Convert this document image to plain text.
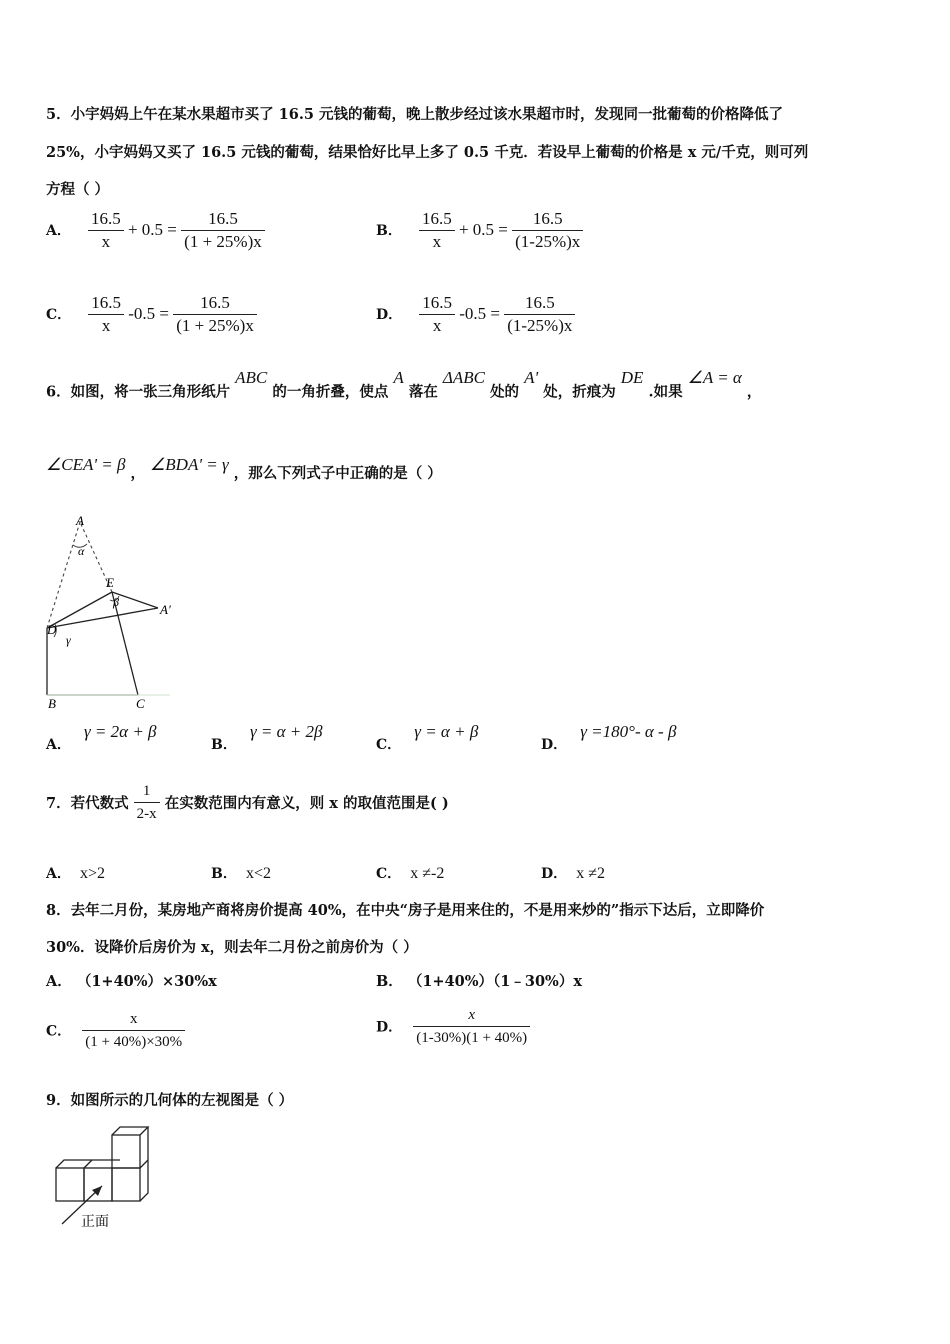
5．小宇妈妈上午在某水果超市买了 16.5 元钱的葡萄，晚上散步经过该水果超市时，发现同一批葡萄的价格降低了
25%，小宇妈妈又买了 16.5 元钱的葡萄，结果恰好比早上多了 0.5 千克．若设早上葡萄的价格是 x 元/千克，则可列
方程（ ）
A． $\frac{16.5}{x} + 0.5 = \frac{16.5}{(1 + 25\%)x}$	B． $\frac{16.5}{x} + 0.5 = \frac{16.5}{(1-25\%)x}$
C． $\frac{16.5}{x} -0.5 = \frac{16.5}{(1 + 25\%)x}$	D． $\frac{16.5}{x} -0.5 = \frac{16.5}{(1-25\%)x}$
6．如图，将一张三角形纸片 ABC 的一角折叠，使点 A 落在 ΔABC 处的 A' 处，折痕为 DE .如果 ∠A = α ，
∠CEA' = β ， ∠BDA' = γ ，那么下列式子中正确的是（ ）
A
α
E
β	A′
D
γ
B	C
A． γ = 2α + β
B． γ = α + 2β
C． γ = α + β
D． γ =180°- α - β
7．若代数式 $\frac{1}{2-x}$ 在实数范围内有意义，则 x 的取值范围是( )
A． x>2	B． x<2	C． x ≠-2	D． x ≠2
8．去年二月份，某房地产商将房价提高 40%，在中央“房子是用来住的，不是用来炒的”指示下达后，立即降价
30%．设降价后房价为 x，则去年二月份之前房价为（ ）
A． （1+40%）×30%x	B． （1+40%）（1﹣30%）x
C． $\frac{x}{(1 + 40\%)\times 30\%}$	D． $\frac{x}{(1-30\%)(1 + 40\%)}$
9．如图所示的几何体的左视图是（ ）
正面
